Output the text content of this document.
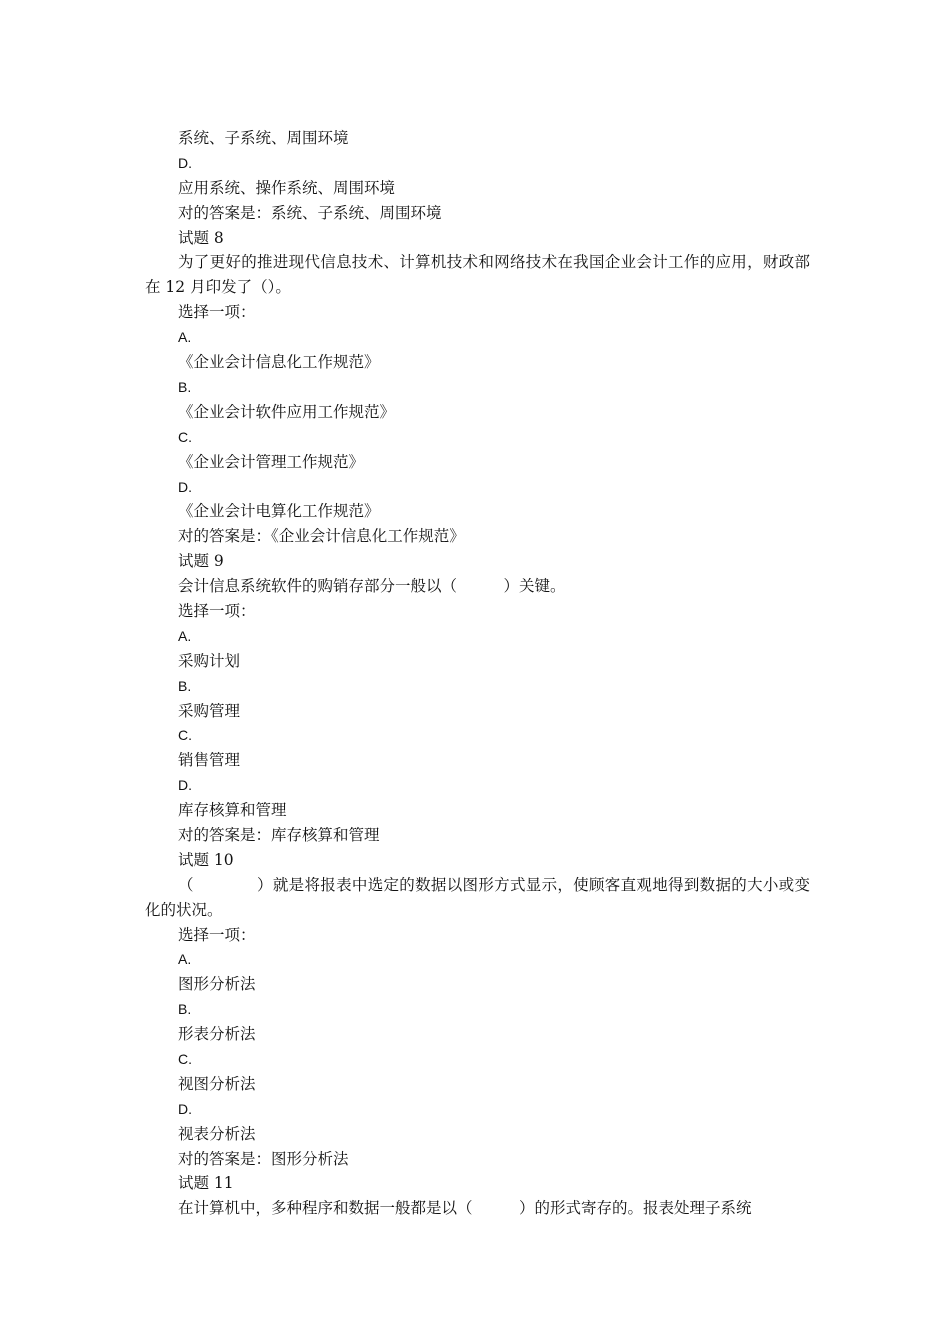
系统、子系统、周围环境
D.
应用系统、操作系统、周围环境
对的答案是：系统、子系统、周围环境
试题 8
为了更好的推进现代信息技术、计算机技术和网络技术在我国企业会计工作的应用，财政部在 12 月印发了（）。
选择一项：
A.
《企业会计信息化工作规范》
B.
《企业会计软件应用工作规范》
C.
《企业会计管理工作规范》
D.
《企业会计电算化工作规范》
对的答案是：《企业会计信息化工作规范》
试题 9
会计信息系统软件的购销存部分一般以（　　　）关键。
选择一项：
A.
采购计划
B.
采购管理
C.
销售管理
D.
库存核算和管理
对的答案是：库存核算和管理
试题 10
（　　　　）就是将报表中选定的数据以图形方式显示，使顾客直观地得到数据的大小或变化的状况。
选择一项：
A.
图形分析法
B.
形表分析法
C.
视图分析法
D.
视表分析法
对的答案是：图形分析法
试题 11
在计算机中，多种程序和数据一般都是以（　　　）的形式寄存的。报表处理子系统
